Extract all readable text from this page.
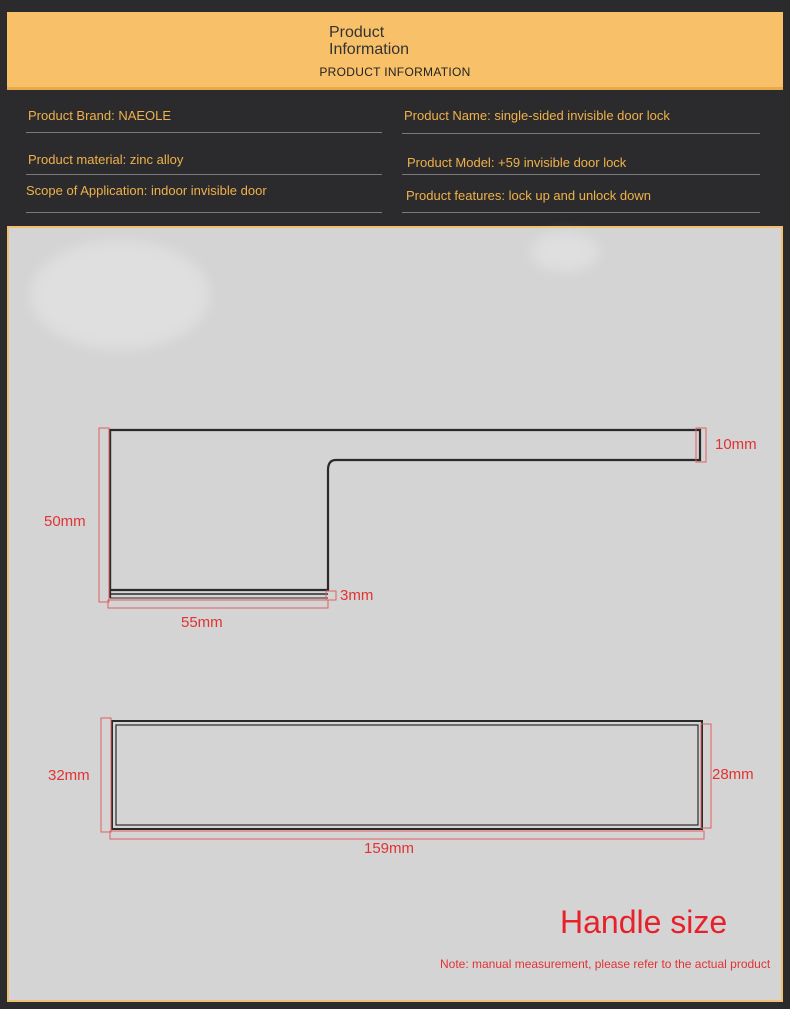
Product Information
PRODUCT INFORMATION
Product Brand: NAEOLE	Product Name: single-sided invisible door lock
Product material: zinc alloy	Product Model: +59 invisible door lock
Scope of Application: indoor invisible door	Product features: lock up and unlock down
10mm
50mm
3mm
55mm
32mm	28mm
159mm
Handle size
Note: manual measurement, please refer to the actual product
